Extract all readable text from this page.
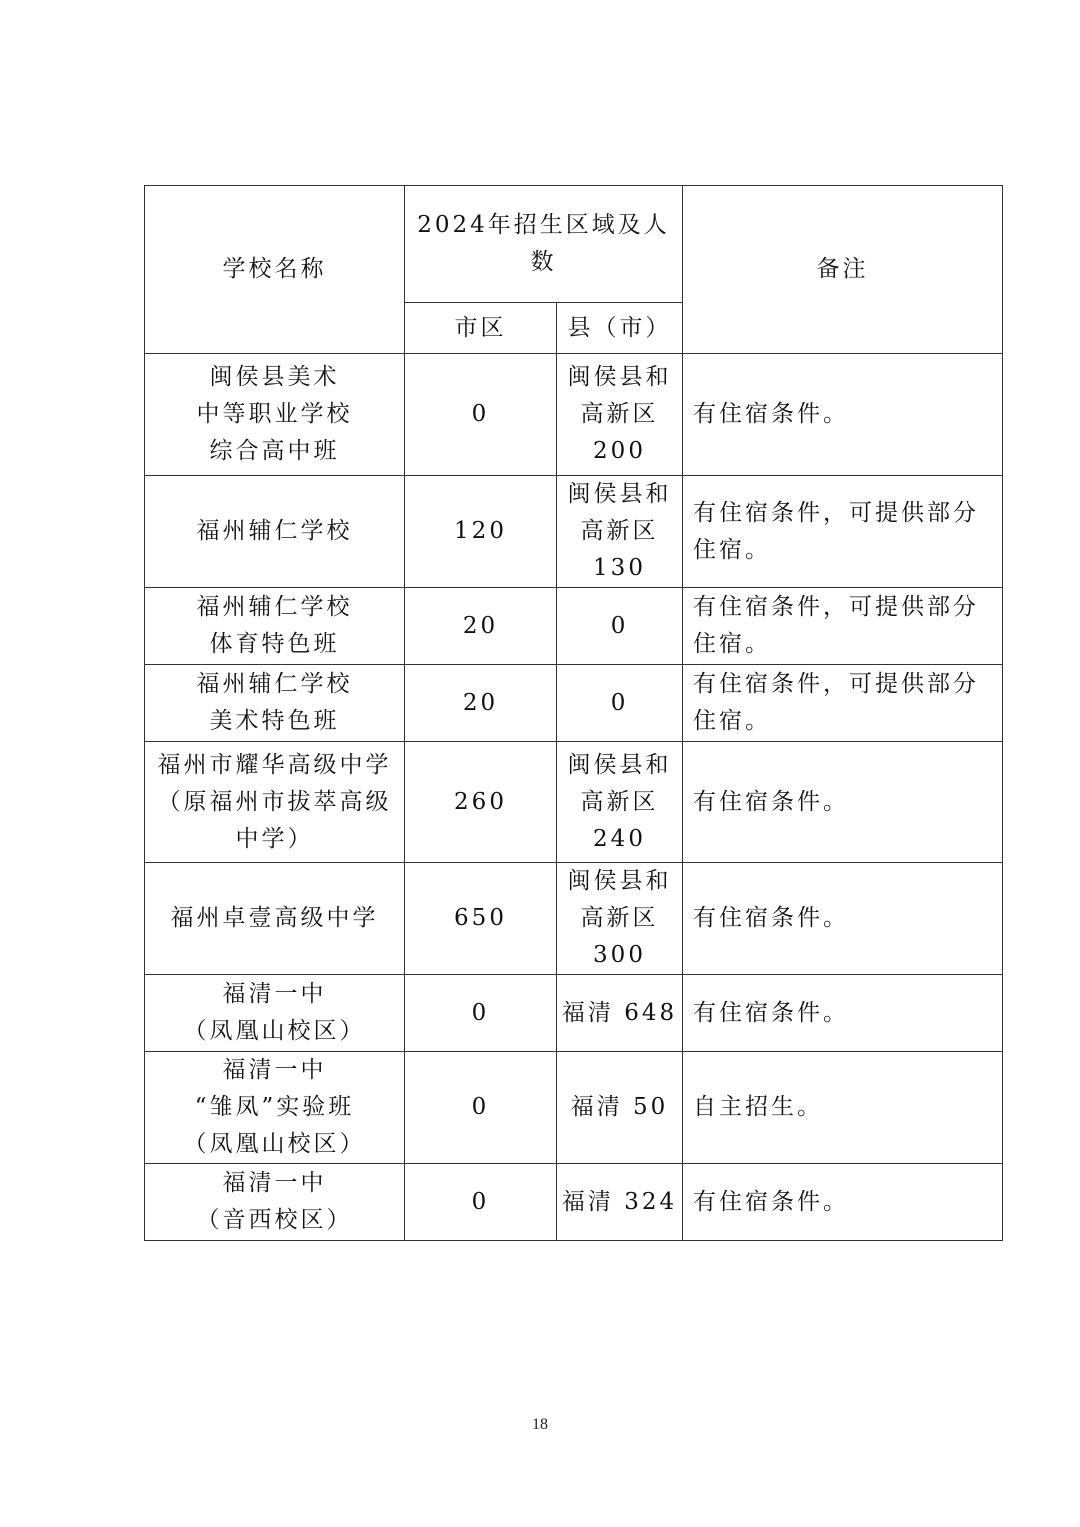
学校名称	2024年招生区域及人数		备注
	市区	县（市）	
闽侯县美术
中等职业学校
综合高中班	0	闽侯县和
高新区
200	有住宿条件。
福州辅仁学校	120	闽侯县和
高新区
130	有住宿条件，可提供部分住宿。
福州辅仁学校
体育特色班	20	0	有住宿条件，可提供部分住宿。
福州辅仁学校
美术特色班	20	0	有住宿条件，可提供部分住宿。
福州市耀华高级中学
（原福州市拔萃高级
中学）	260	闽侯县和
高新区
240	有住宿条件。
福州卓壹高级中学	650	闽侯县和
高新区
300	有住宿条件。
福清一中
（凤凰山校区）	0	福清 648	有住宿条件。
福清一中
“雏凤”实验班
（凤凰山校区）	0	福清 50	自主招生。
福清一中
（音西校区）	0	福清 324	有住宿条件。
18
